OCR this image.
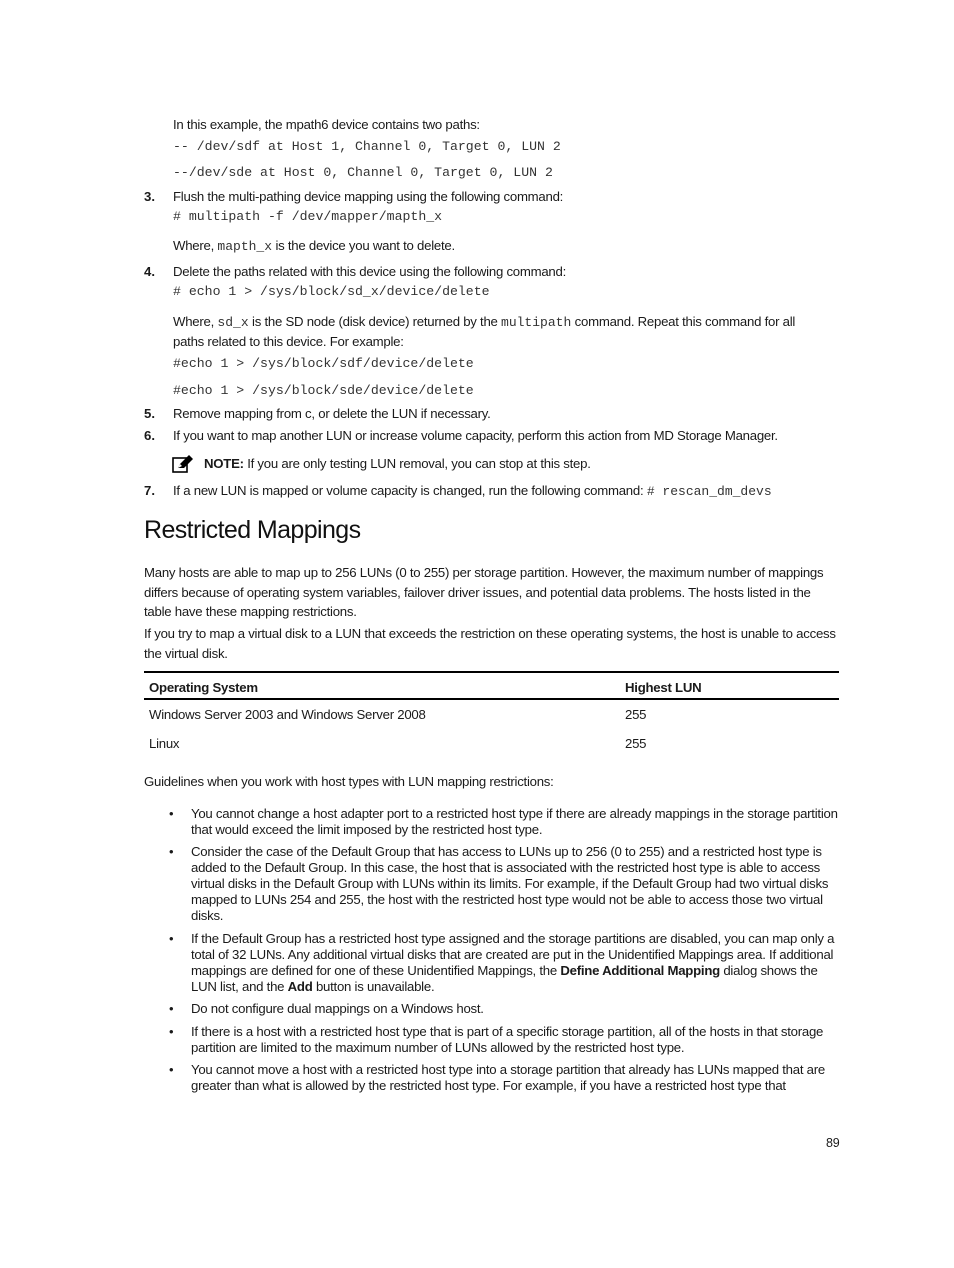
In this example, the mpath6 device contains two paths:
-- /dev/sdf at Host 1, Channel 0, Target 0, LUN 2
--/dev/sde at Host 0, Channel 0, Target 0, LUN 2
3. Flush the multi-pathing device mapping using the following command:
# multipath -f /dev/mapper/mapth_x
Where, mapth_x is the device you want to delete.
4. Delete the paths related with this device using the following command:
# echo 1 > /sys/block/sd_x/device/delete
Where, sd_x is the SD node (disk device) returned by the multipath command. Repeat this command for all
paths related to this device. For example:
#echo 1 > /sys/block/sdf/device/delete
#echo 1 > /sys/block/sde/device/delete
5. Remove mapping from c, or delete the LUN if necessary.
6. If you want to map another LUN or increase volume capacity, perform this action from MD Storage Manager.
NOTE: If you are only testing LUN removal, you can stop at this step.
7. If a new LUN is mapped or volume capacity is changed, run the following command: # rescan_dm_devs
Restricted Mappings
Many hosts are able to map up to 256 LUNs (0 to 255) per storage partition. However, the maximum number of mappings differs because of operating system variables, failover driver issues, and potential data problems. The hosts listed in the table have these mapping restrictions.
If you try to map a virtual disk to a LUN that exceeds the restriction on these operating systems, the host is unable to access the virtual disk.
Operating System	Highest LUN
Windows Server 2003 and Windows Server 2008	255
Linux	255
Guidelines when you work with host types with LUN mapping restrictions:
• You cannot change a host adapter port to a restricted host type if there are already mappings in the storage partition that would exceed the limit imposed by the restricted host type.
• Consider the case of the Default Group that has access to LUNs up to 256 (0 to 255) and a restricted host type is added to the Default Group. In this case, the host that is associated with the restricted host type is able to access virtual disks in the Default Group with LUNs within its limits. For example, if the Default Group had two virtual disks mapped to LUNs 254 and 255, the host with the restricted host type would not be able to access those two virtual disks.
• If the Default Group has a restricted host type assigned and the storage partitions are disabled, you can map only a total of 32 LUNs. Any additional virtual disks that are created are put in the Unidentified Mappings area. If additional mappings are defined for one of these Unidentified Mappings, the Define Additional Mapping dialog shows the LUN list, and the Add button is unavailable.
• Do not configure dual mappings on a Windows host.
• If there is a host with a restricted host type that is part of a specific storage partition, all of the hosts in that storage partition are limited to the maximum number of LUNs allowed by the restricted host type.
• You cannot move a host with a restricted host type into a storage partition that already has LUNs mapped that are greater than what is allowed by the restricted host type. For example, if you have a restricted host type that
89
